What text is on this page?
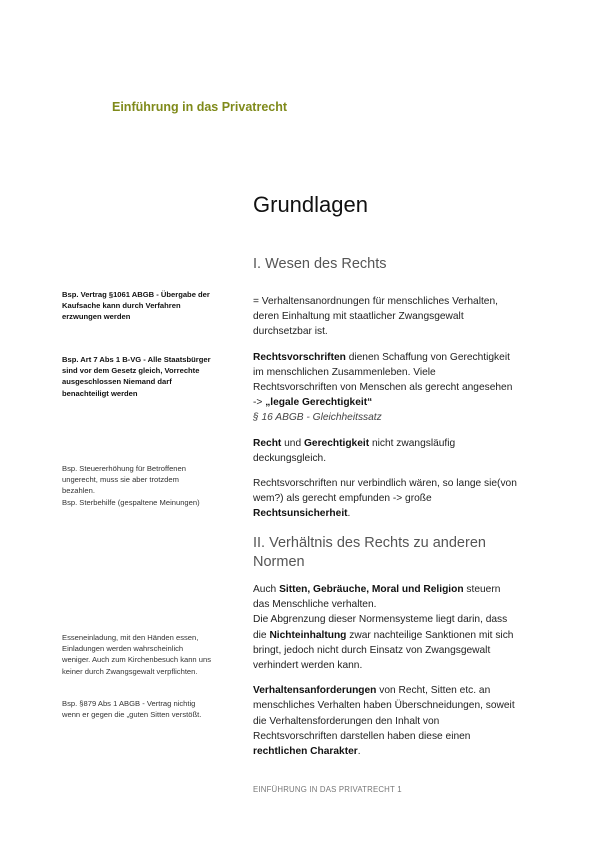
Einführung in das Privatrecht
Grundlagen
I. Wesen des Rechts

= Verhaltensanordnungen für menschliches Verhalten, deren Einhaltung mit staatlicher Zwangsgewalt durchsetzbar ist.

Rechtsvorschriften dienen Schaffung von Gerechtigkeit im menschlichen Zusammenleben. Viele Rechtsvorschriften von Menschen als gerecht angesehen -> „legale Gerechtigkeit“
§ 16 ABGB - Gleichheitssatz

Recht und Gerechtigkeit nicht zwangsläufig deckungsgleich.

Rechtsvorschriften nur verbindlich wären, so lange sie(von wem?) als gerecht empfunden -> große Rechtsunsicherheit.

II. Verhältnis des Rechts zu anderen Normen

Auch Sitten, Gebräuche, Moral und Religion steuern das Menschliche verhalten.
Die Abgrenzung dieser Normensysteme liegt darin, dass die Nichteinhaltung zwar nachteilige Sanktionen mit sich bringt, jedoch nicht durch Einsatz von Zwangsgewalt verhindert werden kann.

Verhaltensanforderungen von Recht, Sitten etc. an menschliches Verhalten haben Überschneidungen, soweit die Verhaltensforderungen den Inhalt von Rechtsvorschriften darstellen haben diese einen rechtlichen Charakter.

Bsp. Vertrag §1061 ABGB - Übergabe der Kaufsache kann durch Verfahren erzwungen werden
Bsp. Art 7 Abs 1 B-VG - Alle Staatsbürger sind vor dem Gesetz gleich, Vorrechte ausgeschlossen Niemand darf benachteiligt werden

Bsp. Steuererhöhung für Betroffenen ungerecht, muss sie aber trotzdem bezahlen.

Bsp. Sterbehilfe (gespaltene Meinungen)

Esseneinladung, mit den Händen essen, Einladungen werden wahrscheinlich weniger. Auch zum Kirchenbesuch kann uns keiner durch Zwangsgewalt verpflichten.
Bsp. §879 Abs 1 ABGB - Vertrag nichtig wenn er gegen die „guten Sitten verstößt.
EINFÜHRUNG IN DAS PRIVATRECHT 1
